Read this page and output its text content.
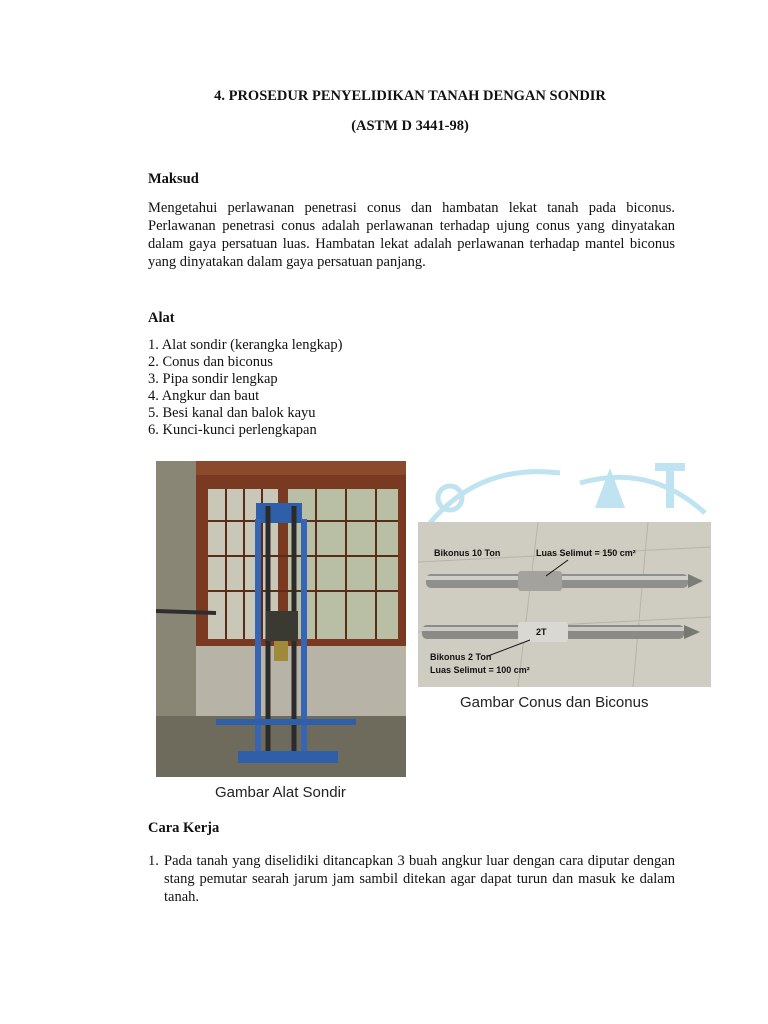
4. PROSEDUR PENYELIDIKAN TANAH DENGAN SONDIR
(ASTM D 3441-98)
Maksud

Mengetahui perlawanan penetrasi conus dan hambatan lekat tanah pada biconus. Perlawanan penetrasi conus adalah perlawanan terhadap ujung conus yang dinyatakan dalam gaya persatuan luas. Hambatan lekat adalah perlawanan terhadap mantel biconus yang dinyatakan dalam gaya persatuan panjang.

Alat
1. Alat sondir (kerangka lengkap)
2. Conus dan biconus
3. Pipa sondir lengkap
4. Angkur dan baut
5. Besi kanal dan balok kayu
6. Kunci-kunci perlengkapan
Gambar Alat Sondir
Bikonus 10 Ton	Luas Selimut = 150 cm²
2T
Bikonus 2 Ton
Luas Selimut = 100 cm²
Gambar Conus dan Biconus
Cara Kerja
1. Pada tanah yang diselidiki ditancapkan 3 buah angkur luar dengan cara diputar dengan stang pemutar searah jarum jam sambil ditekan agar dapat turun dan masuk ke dalam tanah.
